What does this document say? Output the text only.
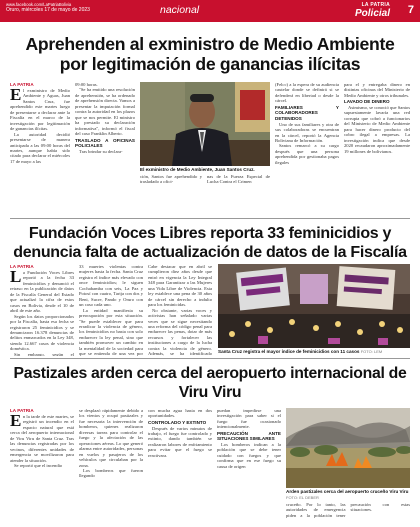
www.facebook.com/LaPatriaBolivia
Oruro, miércoles 17 de mayo de 2023	nacional	LA PATRIA
Policial 7
Aprehenden al exministro de Medio Ambiente por legitimación de ganancias ilícitas
LA PATRIA

El exministro de Medio Ambiente y Aguas, Juan Santos Cruz, fue aprehendido este martes luego de presentarse a declarar ante la Fiscalía en el marco de la investigación por legitimación de ganancias ilícitas.

La autoridad decidió presentarse de manera anticipada a las 09:00 horas del martes, aunque había sido citado para declarar el miércoles 17 de mayo a las

09:00 horas.

"Se ha emitido una resolución de aprehensión, se ha ordenado de aprehensión directa. Vamos a presentar la imputación formal contra la autoridad en los plazos que se nos permite. El ministro ha prestado su declaración informativa", informó el fiscal del caso Franklin Alberto.

TRASLADO A OFICINAS POLICIALES

Tras brindar su declara-

El exministro de Medio Ambiente, Juan Santos Cruz.

ción, Santos fue aprehendido y trasladado a ofici-

nas de la Fuerza Especial de Lucha Contra el Crimen

(Felcc) a la espera de su audiencia cautelar donde se definirá si se defenderá en libertad o desde la cárcel.

FAMILIARES Y COLABORADORES DETENIDOS

Uno de sus familiares y otra de sus colaboradoras se encuentran en la cárcel, reportó la Agencia Boliviana de Información.

Santos remarcó a su cargo después que una persona aprehendida por gestionaba pagos ilegales

para el y entregaba dinero en distintas oficinas del Ministerio de Medio Ambiente y otros tribunales.

LAVADO DE DINERO

Asimismo, se conoció que Santos supuestamente lavaría una red corrupta que cobró a funcionarios del Ministerio de Medio Ambiente para hacer dinero producto del cobro ilegal a empresas. La investigación indica que desde 2020 recaudaron aproximadamente 19 millones de bolivianos.

Fundación Voces Libres reporta 33 feminicidios y denuncia falta de actualización de datos de la Fiscalía
LA PATRIA

La Fundación Voces Libres reportó a la fecha 33 feminicidios y denunció el retraso en la publicación de datos de la Fiscalía General del Estado que actualizó la cifra de estos casos en Bolivia, desde el 10 de abril de este año.

Según los datos proporcionados por la Fiscalía, hasta esa fecha se registraron 25 feminicidios y se denunciaron 16.378 denuncias de delitos enmarcados en la Ley 348, siendo 12.667 casos de violencia doméstica.

Sin embargo, según el

33 muertes violentas contra mujeres hasta la fecha. Santa Cruz registra el índice más elevado con once feminicidios; le siguen Cochabamba con seis, La Paz y Potosí con cuatro, Tarija con dos y Beni, Sucre, Pando y Oruro con un caso cada uno.

La entidad manifiesta su preocupación por esta situación. "Se puede establecer que para erradicar la violencia de género, los feminicidios no basta con solo endurecer la ley penal, sino que también promover un cambio en la mentalidad de la sociedad para que se entienda de una vez por

Cabe destacar que en abril se cumplieron diez años desde que entró en vigencia la Ley Integral 348 para Garantizar a las Mujeres una Vida Libre de Violencia. Esta ley establece una pena de 30 años de cárcel sin derecho a indulto para los feminicidas.

No obstante, varias voces y activistas han señalado varias veces que se sigue necesitando una reforma del código penal para endurecer las penas, dotar de más recursos y fortalecer las instituciones a cargo de la lucha contra la violencia de género. Además, se ha identificado Santa Cruz registra el mayor índice de feminicidios con 11 casos FOTO: LEM
Pastizales arden cerca del aeropuerto internacional de Viru Viru
LA PATRIA

En la tarde de este martes, se registró un incendio en el espacio natural que está cerca del aeropuerto internacional de Viru Viru de Santa Cruz. Tras las denuncias registradas por los vecinos, diferentes unidades de emergencia se movilizaron para atender la situación.

Se reportó que el incendio

se desplazó rápidamente debido a los vientos y ocupó pastizales y fue necesaria la intervención de bomberos, quienes realizaron diversas tareas para controlar el fuego y la afectación de las operaciones aéreas. Lo que generó alarma entre autoridades, personas en vuelos y pasajeros de los vehículos que circulaban por la zona.

Los bomberos que fueron llegando

con mucha agua hasta en dos oportunidades.

CONTROLADO Y EXTINTO

Después de varios minutos de trabajo, el fuego fue controlado y extinto, dando también se realizaron labores de enfriamiento para evitar que el fuego se reactivara.

puedan impedirse una investigación para saber si el fuego fue ocasionado intencionalmente.

PRECAUCIÓN ANTE SITUACIONES SIMILARES

Los bomberos indican a la población que se debe tener cuidado con fuegos y que confirma que en ese fuego su causa de origen

Arden pastizales cerca del aeropuerto cruceño Viru Viru FOTO: EL DEBER

cruceño. Por lo tanto, las autoridades de emergencia piden a la población tener precaución con estas situaciones.
